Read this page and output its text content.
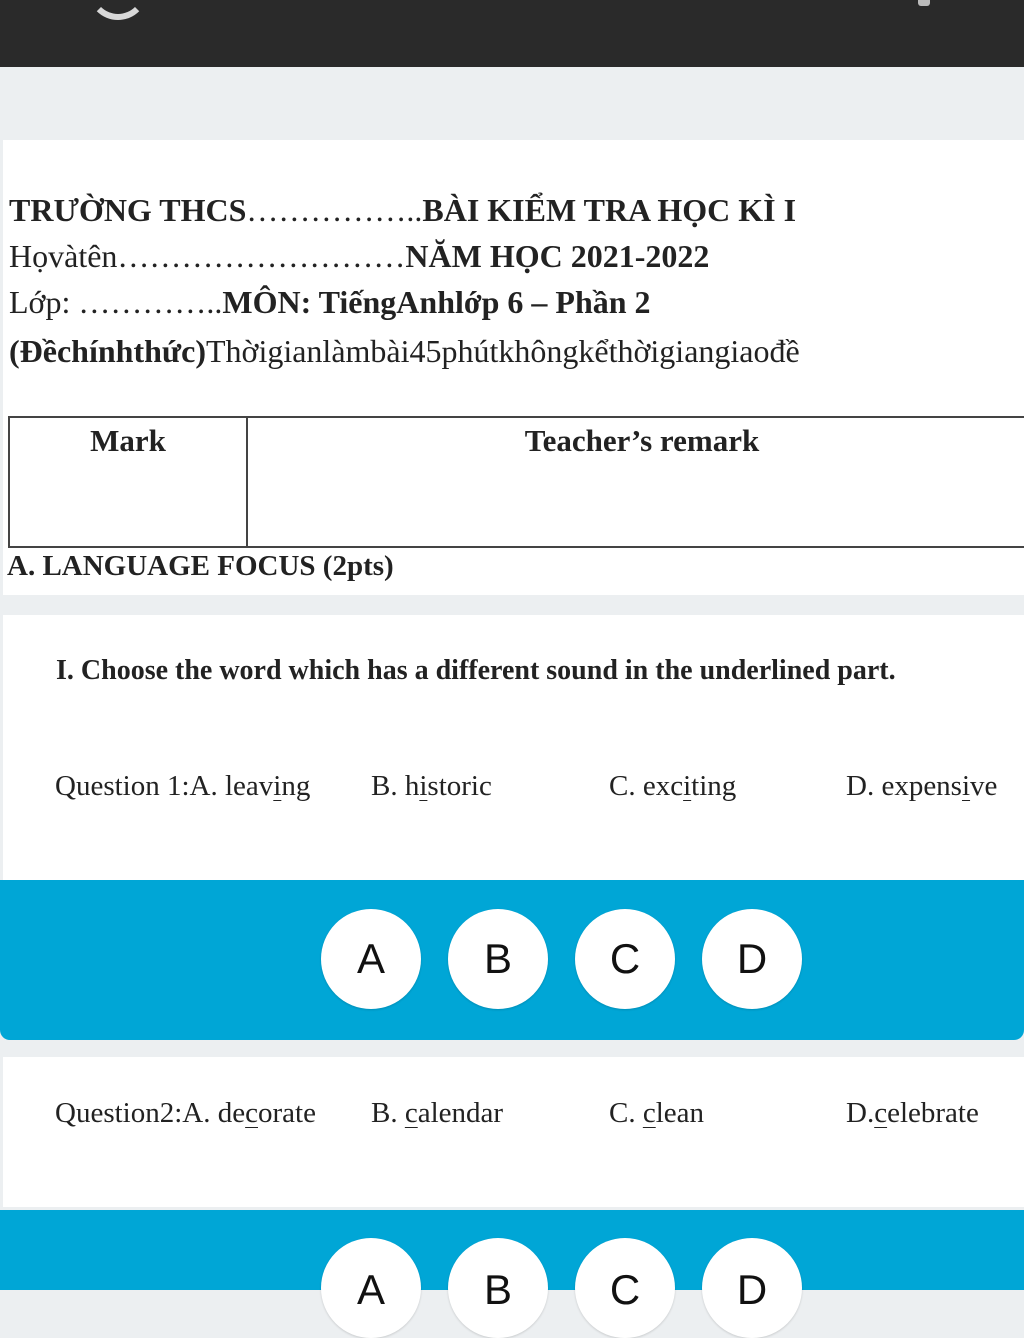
TRƯỜNG THCS……………..BÀI KIỂM TRA HỌC KÌ I
Họvàtên………………………NĂM HỌC 2021-2022
Lớp: …………..MÔN: TiếngAnhlớp 6 – Phần 2
(Đềchínhthức)Thờigianlàmbài45phútkhôngkểthờigiangiaođề
Mark	Teacher’s remark
A. LANGUAGE FOCUS (2pts)
I. Choose the word which has a different sound in the underlined part.
Question 1:A. leaving B. historic	C. exciting	D. expensive
A	B	C	D
Question2:A. decorate B. calendar	C. clean	D.celebrate
A	B	C	D
